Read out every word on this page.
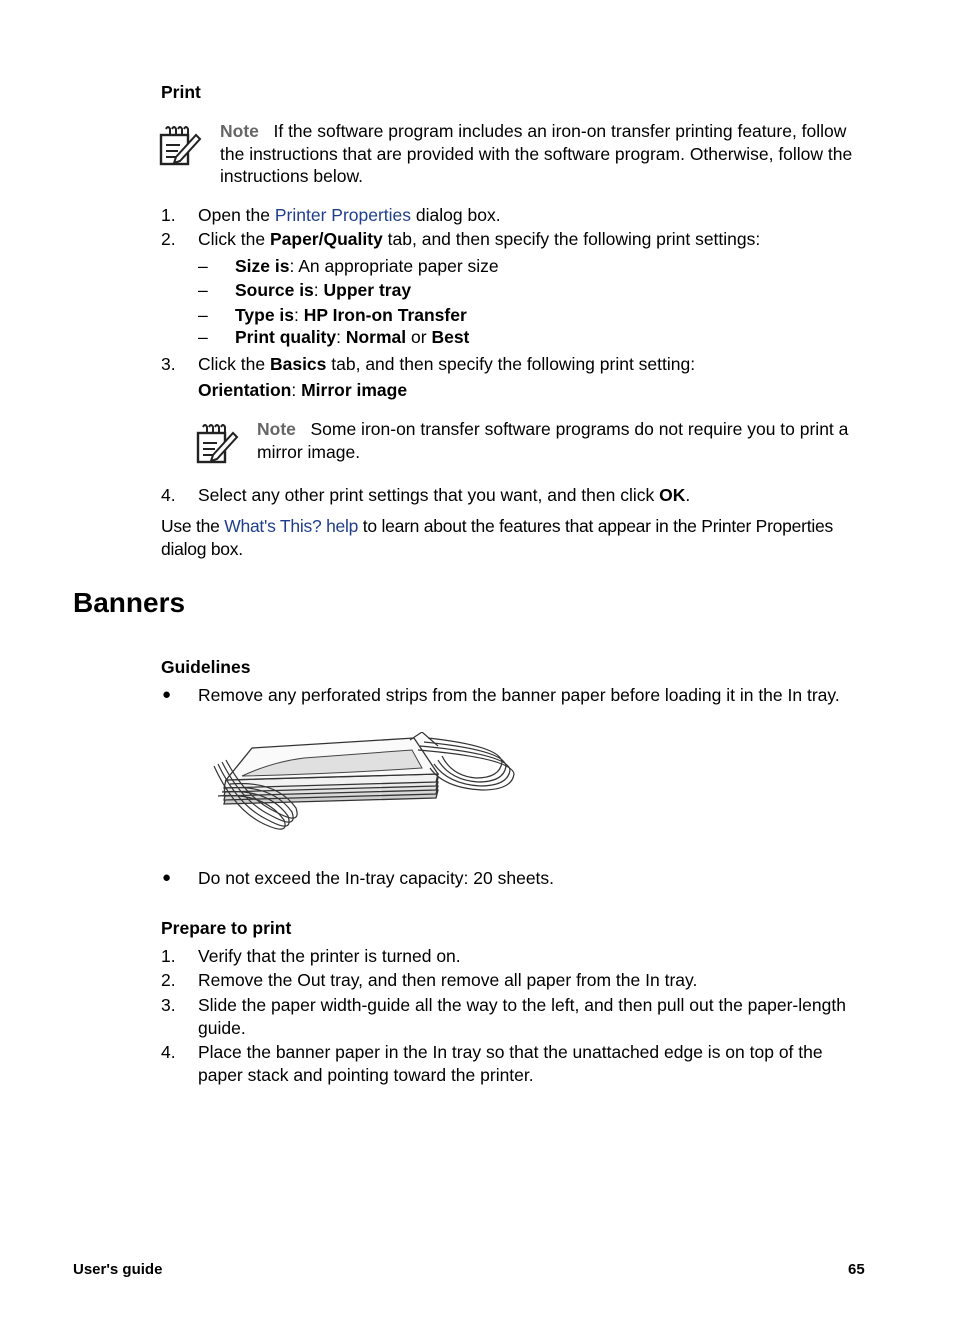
Print
Note If the software program includes an iron-on transfer printing feature, follow the instructions that are provided with the software program. Otherwise, follow the instructions below.
1. Open the Printer Properties dialog box.
2. Click the Paper/Quality tab, and then specify the following print settings:
– Size is: An appropriate paper size
– Source is: Upper tray
– Type is: HP Iron-on Transfer
– Print quality: Normal or Best
3. Click the Basics tab, and then specify the following print setting:
Orientation: Mirror image
Note Some iron-on transfer software programs do not require you to print a mirror image.
4. Select any other print settings that you want, and then click OK.
Use the What's This? help to learn about the features that appear in the Printer Properties dialog box.
Banners
Guidelines
● Remove any perforated strips from the banner paper before loading it in the In tray.
● Do not exceed the In-tray capacity: 20 sheets.
Prepare to print
1. Verify that the printer is turned on.
2. Remove the Out tray, and then remove all paper from the In tray.
3. Slide the paper width-guide all the way to the left, and then pull out the paper-length guide.
4. Place the banner paper in the In tray so that the unattached edge is on top of the paper stack and pointing toward the printer.
User's guide	65
